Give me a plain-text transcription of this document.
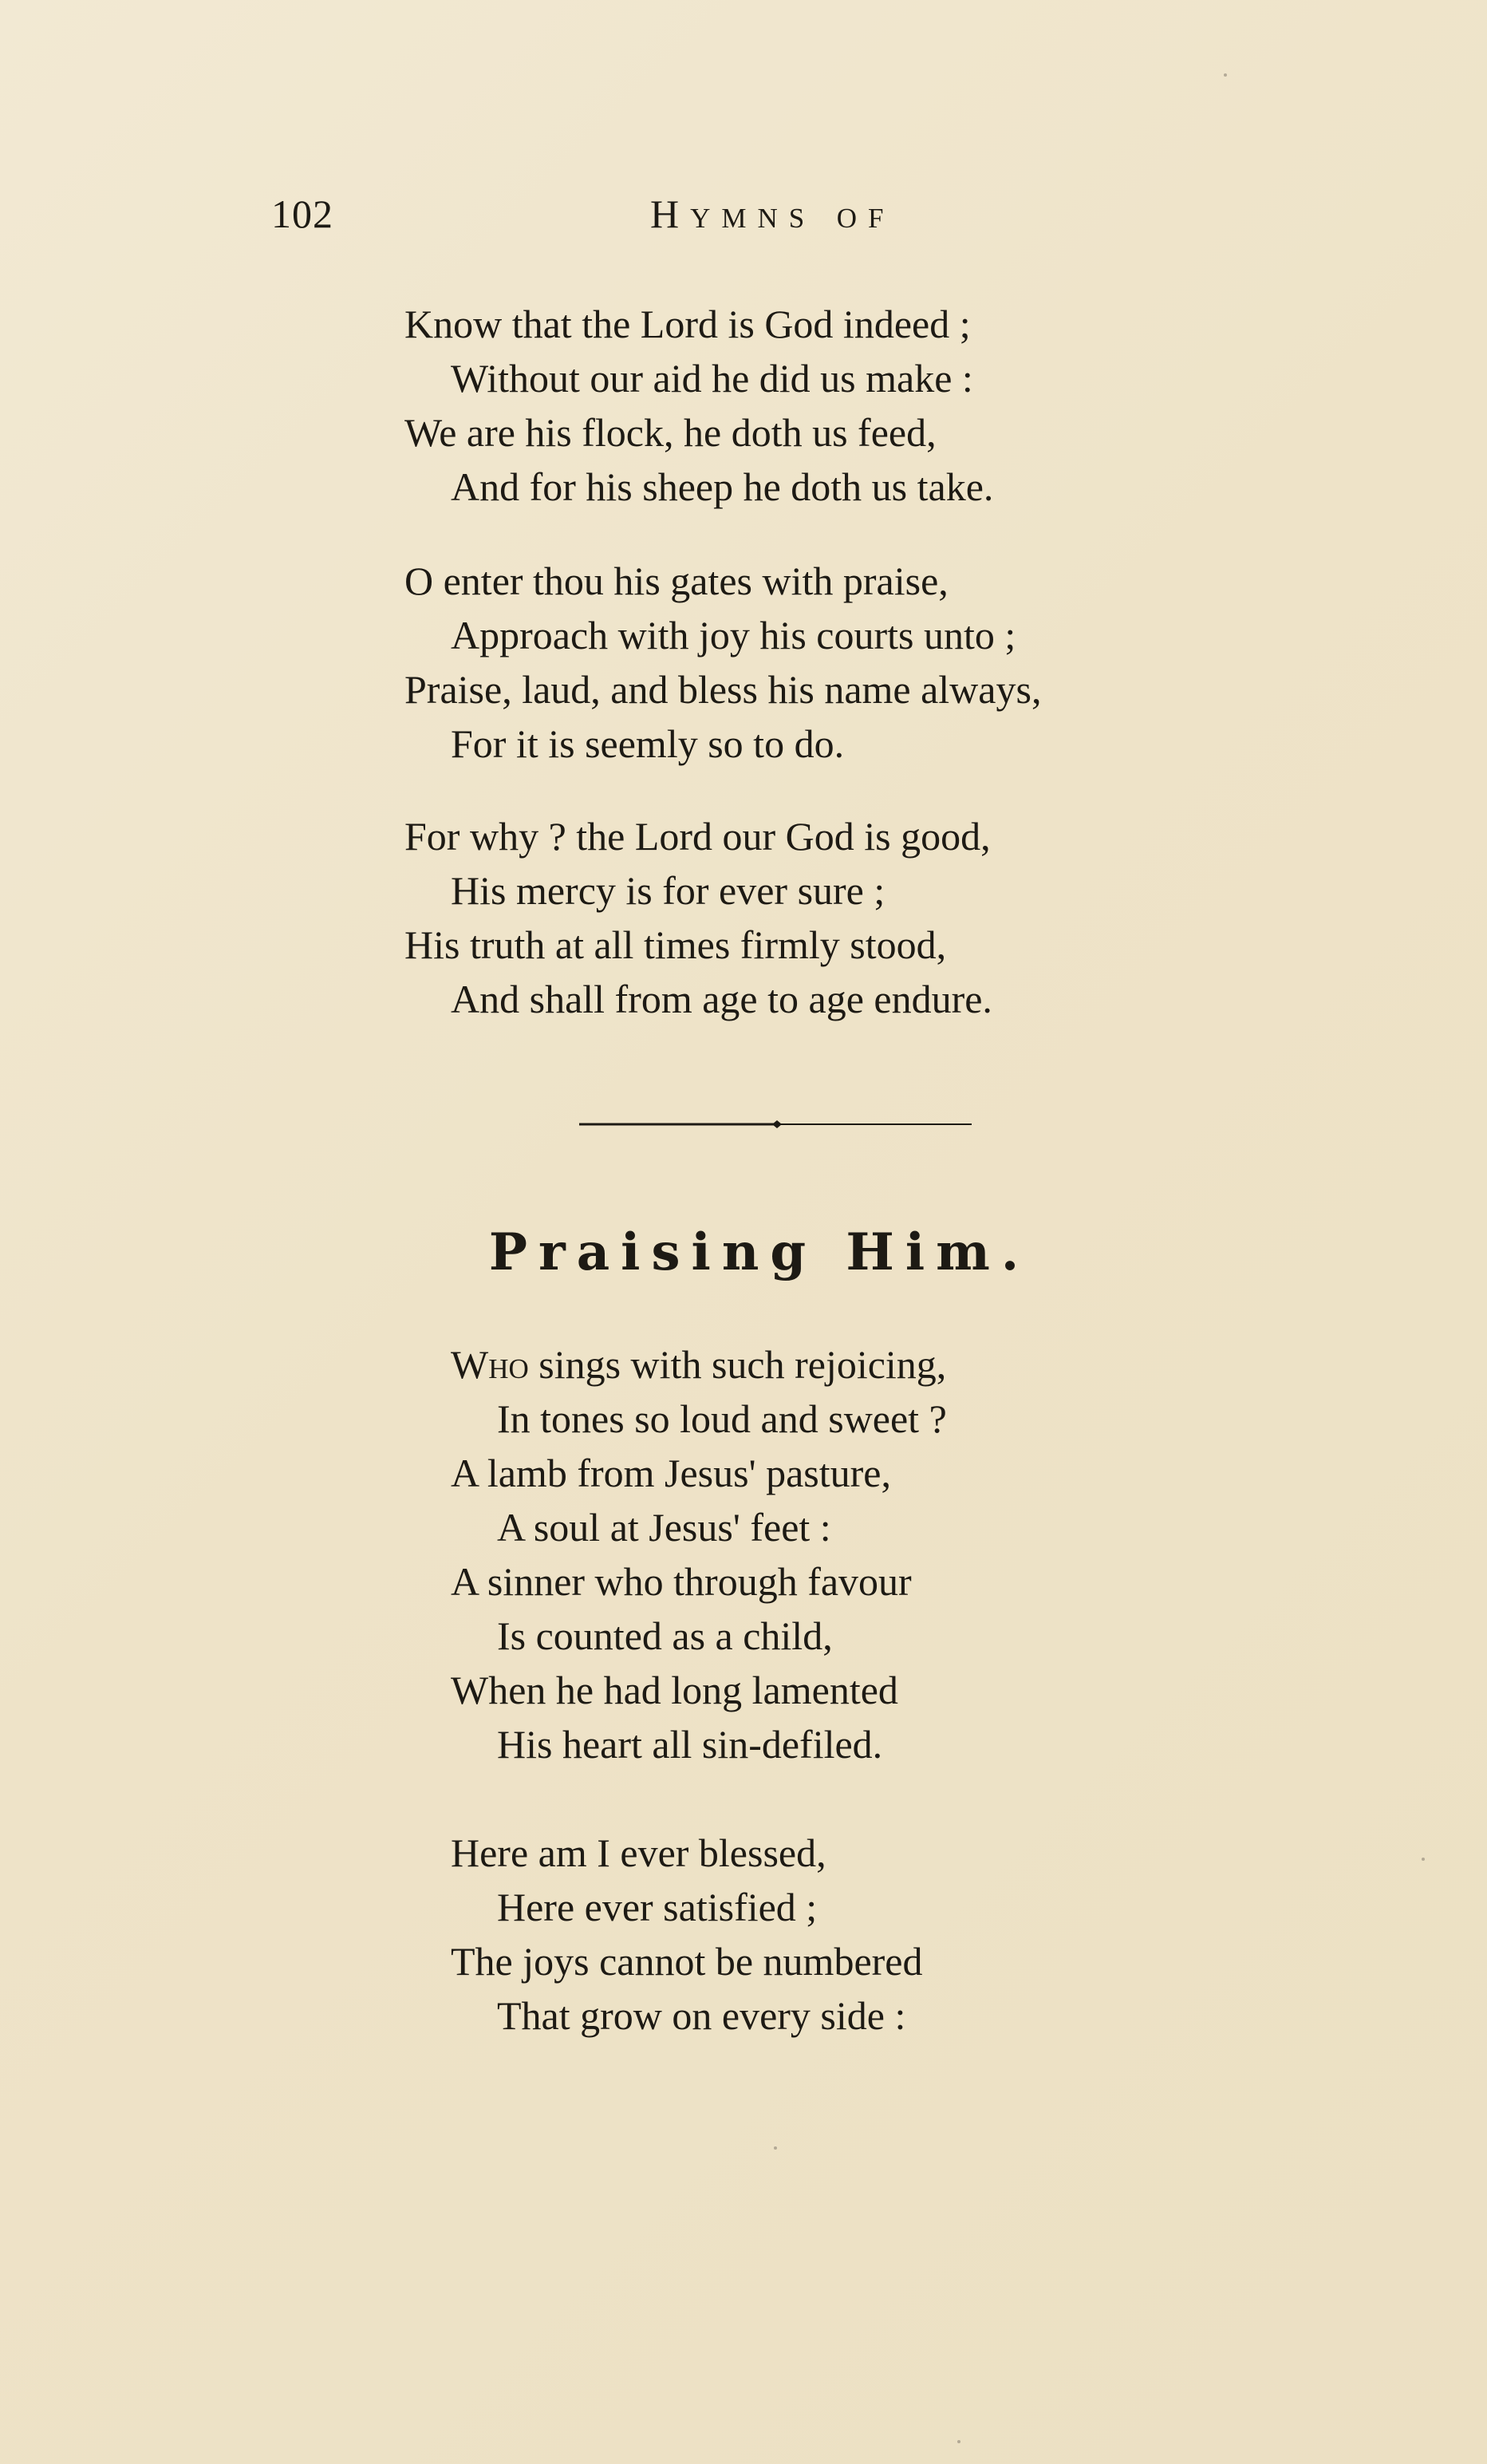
102	Hymns of
Know that the Lord is God indeed ;
Without our aid he did us make :
We are his flock, he doth us feed,
And for his sheep he doth us take.
O enter thou his gates with praise,
Approach with joy his courts unto ;
Praise, laud, and bless his name always,
For it is seemly so to do.
For why ? the Lord our God is good,
His mercy is for ever sure ;
His truth at all times firmly stood,
And shall from age to age endure.
Praising Him.
Who sings with such rejoicing,
In tones so loud and sweet ?
A lamb from Jesus' pasture,
A soul at Jesus' feet :
A sinner who through favour
Is counted as a child,
When he had long lamented
His heart all sin-defiled.
Here am I ever blessed,
Here ever satisfied ;
The joys cannot be numbered
That grow on every side :
